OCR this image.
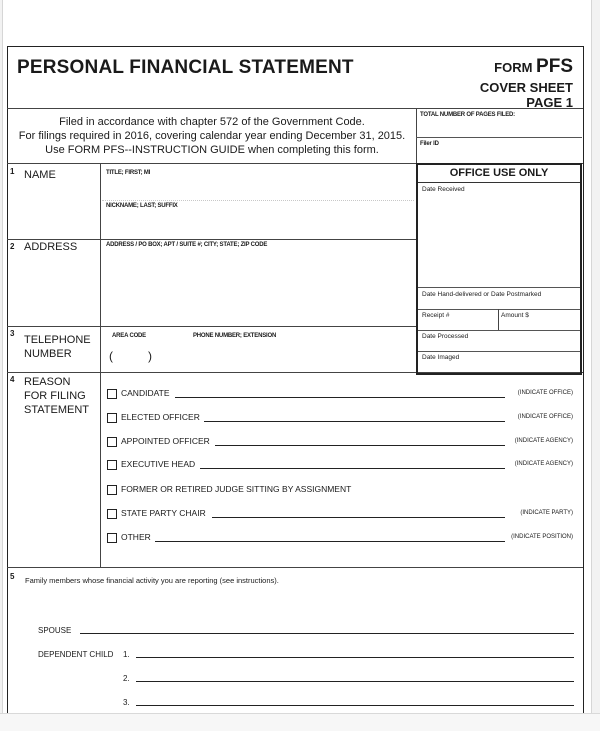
PERSONAL FINANCIAL STATEMENT	FORM PFS
COVER SHEET
PAGE 1
Filed in accordance with chapter 572 of the Government Code.
For filings required in 2016, covering calendar year ending December 31, 2015.
Use FORM PFS--INSTRUCTION GUIDE when completing this form.
TOTAL NUMBER OF PAGES FILED:
Filer ID
1 NAME	TITLE; FIRST; MI
NICKNAME; LAST; SUFFIX
2 ADDRESS	ADDRESS / PO BOX; APT / SUITE #; CITY; STATE; ZIP CODE
3
TELEPHONE
NUMBER
AREA CODE	PHONE NUMBER; EXTENSION
(	)
OFFICE USE ONLY
Date Received
Date Hand-delivered or Date Postmarked
Receipt #	Amount $
Date Processed
Date Imaged
4 REASON
FOR FILING
STATEMENT
CANDIDATE	(INDICATE OFFICE)
ELECTED OFFICER	(INDICATE OFFICE)
APPOINTED OFFICER	(INDICATE AGENCY)
EXECUTIVE HEAD	(INDICATE AGENCY)
FORMER OR RETIRED JUDGE SITTING BY ASSIGNMENT
STATE PARTY CHAIR	(INDICATE PARTY)
OTHER	(INDICATE POSITION)
5 Family members whose financial activity you are reporting (see instructions).
SPOUSE
DEPENDENT CHILD 1.
2.
3.
